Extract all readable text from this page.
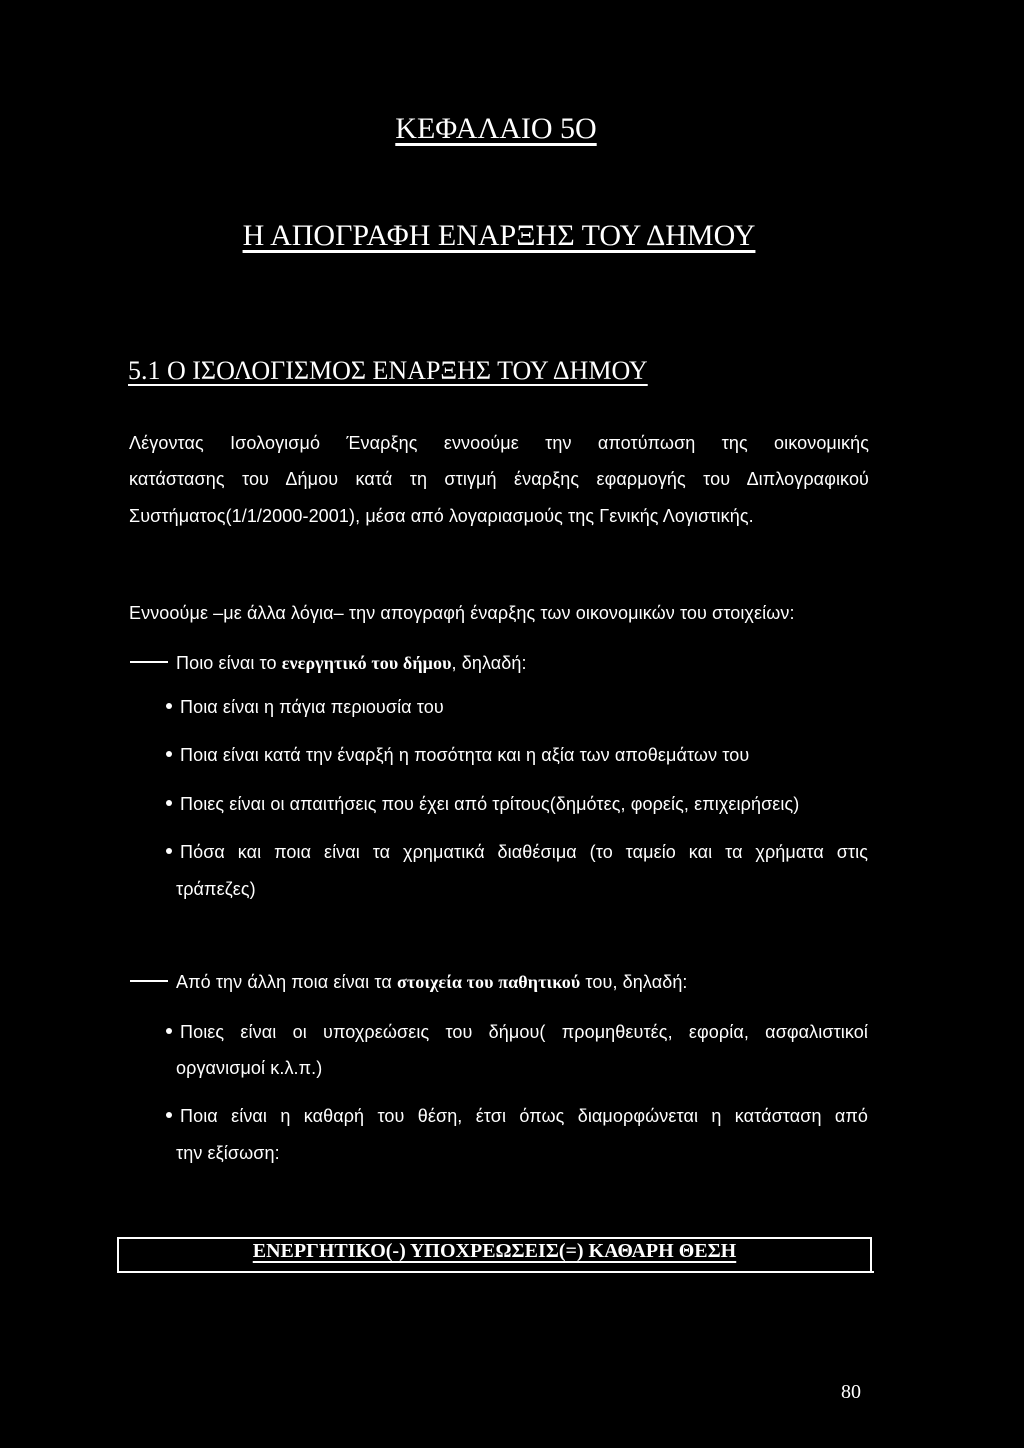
ΚΕΦΑΛΑΙΟ 5Ο
Η ΑΠΟΓΡΑΦΗ ΕΝΑΡΞΗΣ ΤΟΥ ΔΗΜΟΥ
5.1 Ο ΙΣΟΛΟΓΙΣΜΟΣ ΕΝΑΡΞΗΣ ΤΟΥ ΔΗΜΟΥ
Λέγοντας Ισολογισμό Έναρξης εννοούμε την αποτύπωση της οικονομικής
κατάστασης του Δήμου κατά τη στιγμή έναρξης εφαρμογής του Διπλογραφικού
Συστήματος(1/1/2000-2001), μέσα από λογαριασμούς της Γενικής Λογιστικής.
Εννοούμε –με άλλα λόγια– την απογραφή έναρξης των οικονομικών του στοιχείων:
Ποιο είναι το ενεργητικό του δήμου, δηλαδή:
Ποια είναι η πάγια περιουσία του
Ποια είναι κατά την έναρξή η ποσότητα και η αξία των αποθεμάτων του
Ποιες είναι οι απαιτήσεις που έχει από τρίτους(δημότες, φορείς, επιχειρήσεις)
Πόσα και ποια είναι τα χρηματικά διαθέσιμα (το ταμείο και τα χρήματα στις
τράπεζες)
Από την άλλη ποια είναι τα στοιχεία του παθητικού του, δηλαδή:
Ποιες είναι οι υποχρεώσεις του δήμου( προμηθευτές, εφορία, ασφαλιστικοί
οργανισμοί κ.λ.π.)
Ποια είναι η καθαρή του θέση, έτσι όπως διαμορφώνεται η κατάσταση από
την εξίσωση:
ΕΝΕΡΓΗΤΙΚΟ(-) ΥΠΟΧΡΕΩΣΕΙΣ(=) ΚΑΘΑΡΗ ΘΕΣΗ
80
